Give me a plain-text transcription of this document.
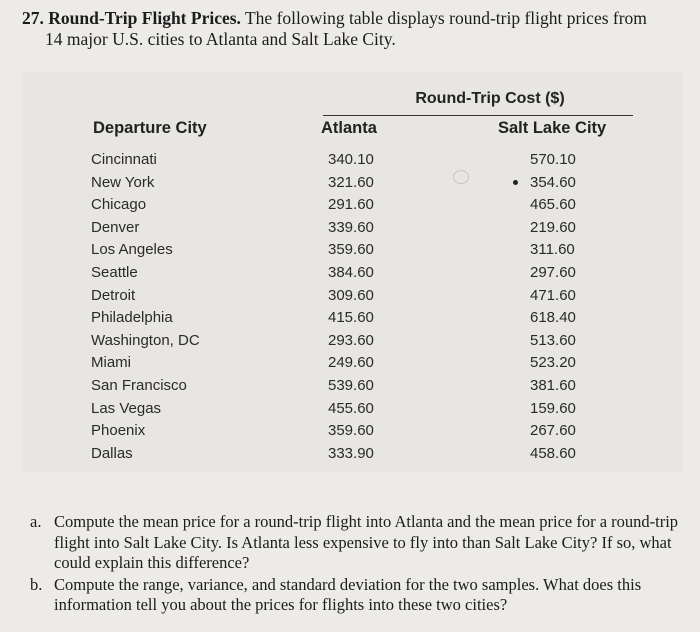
27. Round-Trip Flight Prices. The following table displays round-trip flight prices from
14 major U.S. cities to Atlanta and Salt Lake City.
Round-Trip Cost ($)
Departure City	Atlanta	Salt Lake City
Cincinnati	340.10	570.10
New York	321.60	354.60
Chicago	291.60	465.60
Denver	339.60	219.60
Los Angeles	359.60	311.60
Seattle	384.60	297.60
Detroit	309.60	471.60
Philadelphia	415.60	618.40
Washington, DC	293.60	513.60
Miami	249.60	523.20
San Francisco	539.60	381.60
Las Vegas	455.60	159.60
Phoenix	359.60	267.60
Dallas	333.90	458.60
a. Compute the mean price for a round-trip flight into Atlanta and the mean price for a round-trip flight into Salt Lake City. Is Atlanta less expensive to fly into than Salt Lake City? If so, what could explain this difference?
b. Compute the range, variance, and standard deviation for the two samples. What does this information tell you about the prices for flights into these two cities?
